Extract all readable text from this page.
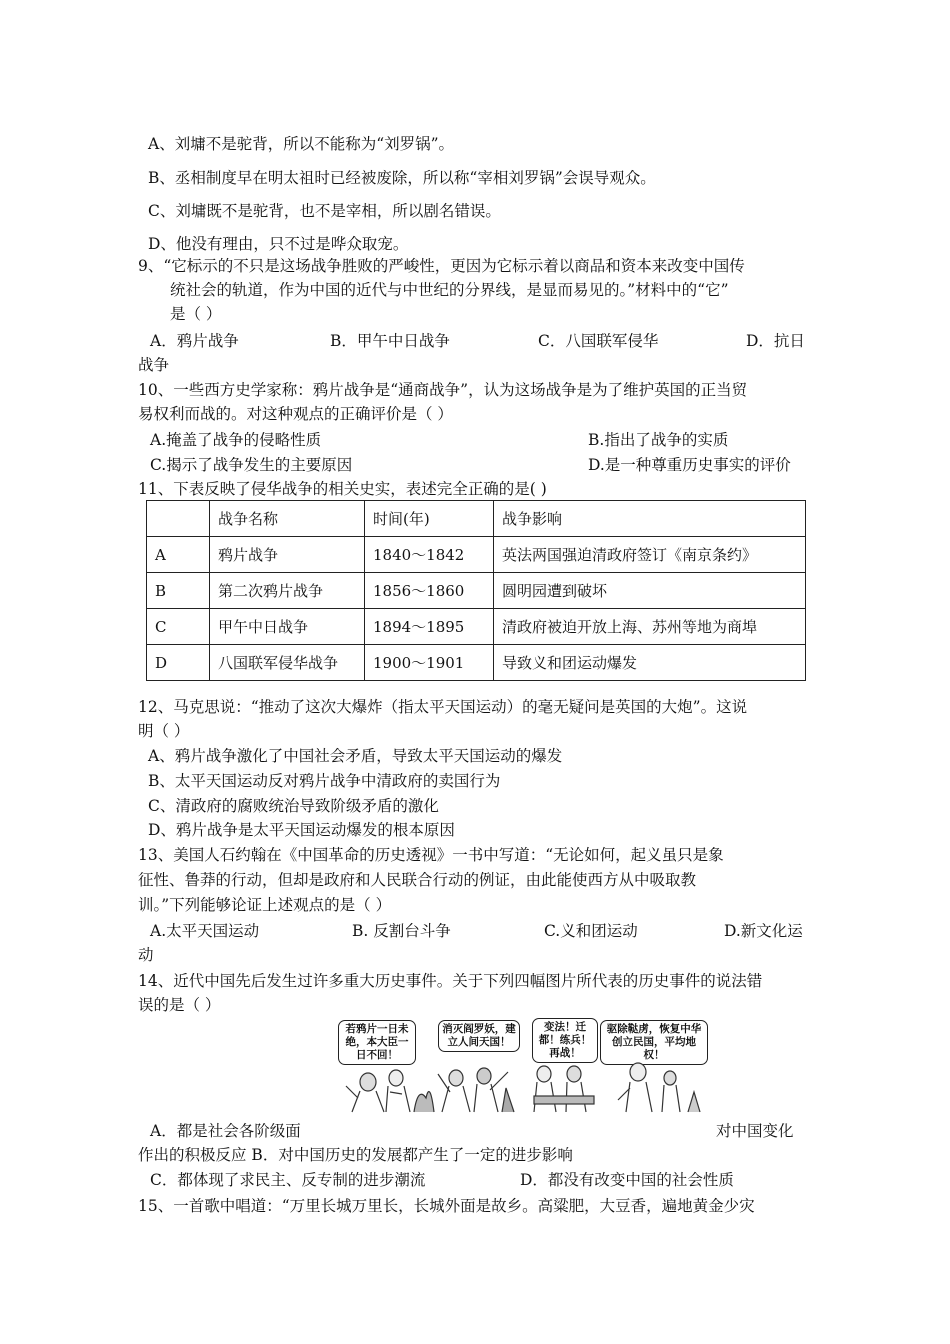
A、刘墉不是驼背，所以不能称为“刘罗锅”。
B、丞相制度早在明太祖时已经被废除，所以称“宰相刘罗锅”会误导观众。
C、刘墉既不是驼背，也不是宰相，所以剧名错误。
D、他没有理由，只不过是哗众取宠。
9、“它标示的不只是这场战争胜败的严峻性，更因为它标示着以商品和资本来改变中国传
统社会的轨道，作为中国的近代与中世纪的分界线，是显而易见的。”材料中的“它”
是（ ）
A．鸦片战争	B．甲午中日战争	C．八国联军侵华	D．抗日
战争
10、一些西方史学家称：鸦片战争是“通商战争”，认为这场战争是为了维护英国的正当贸
易权利而战的。对这种观点的正确评价是（ ）
A.掩盖了战争的侵略性质	B.指出了战争的实质
C.揭示了战争发生的主要原因	D.是一种尊重历史事实的评价
11、下表反映了侵华战争的相关史实，表述完全正确的是( )
	战争名称	时间(年)	战争影响
A	鸦片战争	1840～1842	英法两国强迫清政府签订《南京条约》
B	第二次鸦片战争	1856～1860	圆明园遭到破坏
C	甲午中日战争	1894～1895	清政府被迫开放上海、苏州等地为商埠
D	八国联军侵华战争	1900～1901	导致义和团运动爆发
12、马克思说：“推动了这次大爆炸（指太平天国运动）的毫无疑问是英国的大炮”。这说
明（ ）
A、鸦片战争激化了中国社会矛盾，导致太平天国运动的爆发
B、太平天国运动反对鸦片战争中清政府的卖国行为
C、清政府的腐败统治导致阶级矛盾的激化
D、鸦片战争是太平天国运动爆发的根本原因
13、美国人石约翰在《中国革命的历史透视》一书中写道：“无论如何，起义虽只是象
征性、鲁莽的行动，但却是政府和人民联合行动的例证，由此能使西方从中吸取教
训。”下列能够论证上述观点的是（ ）
A.太平天国运动	B. 反割台斗争	C.义和团运动	D.新文化运
动
14、近代中国先后发生过许多重大历史事件。关于下列四幅图片所代表的历史事件的说法错
误的是（ ）
若鸦片一日未绝，本大臣一日不回！
消灭阎罗妖，建立人间天国！
变法！迁都！练兵！再战！
驱除鞑虏，恢复中华创立民国，平均地权！
A．都是社会各阶级面	对中国变化
作出的积极反应 B．对中国历史的发展都产生了一定的进步影响
C．都体现了求民主、反专制的进步潮流	D．都没有改变中国的社会性质
15、一首歌中唱道：“万里长城万里长，长城外面是故乡。高粱肥，大豆香，遍地黄金少灾
